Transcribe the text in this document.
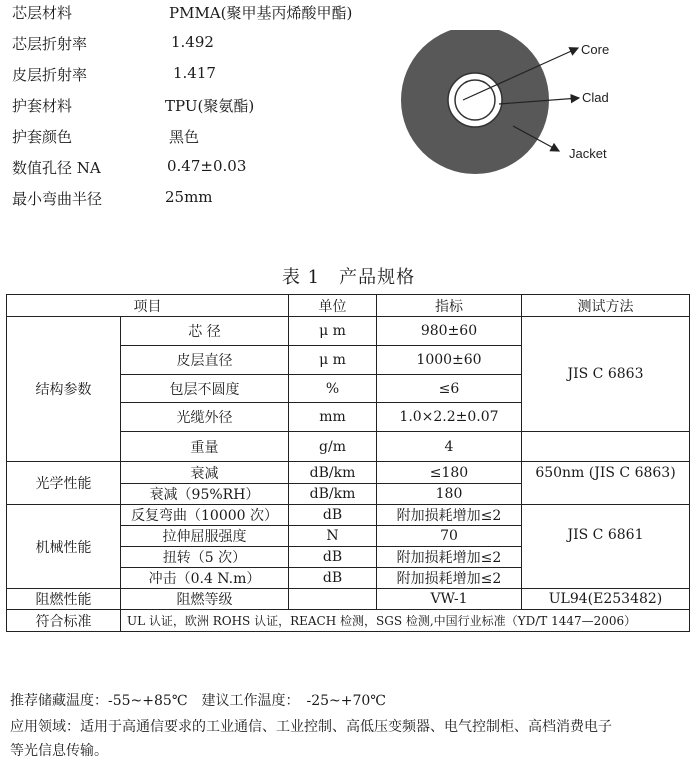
芯层材料	PMMA(聚甲基丙烯酸甲酯)
芯层折射率	1.492
皮层折射率	1.417
护套材料	TPU(聚氨酯)
护套颜色	黑色
数值孔径 NA	0.47±0.03
最小弯曲半径	25mm
Core
Clad
Jacket
表 1　产品规格
项目		单位	指标	测试方法
结构参数	芯 径	μ m	980±60	JIS C 6863
	皮层直径	μ m	1000±60	
	包层不圆度	%	≤6	
	光缆外径	mm	1.0×2.2±0.07	
	重量	g/m	4	
光学性能	衰减	dB/km	≤180	650nm (JIS C 6863)
	衰减（95%RH）	dB/km	180	
机械性能	反复弯曲（10000 次）	dB	附加损耗增加≤2	JIS C 6861
	拉伸屈服强度	N	70	
	扭转（5 次）	dB	附加损耗增加≤2	
	冲击（0.4 N.m）	dB	附加损耗增加≤2	
阻燃性能	阻燃等级		VW-1	UL94(E253482)
符合标准	UL 认证，欧洲 ROHS 认证，REACH 检测，SGS 检测,中国行业标准（YD/T 1447—2006）			
推荐储藏温度：-55~+85℃　建议工作温度：　-25~+70℃
应用领域：适用于高通信要求的工业通信、工业控制、高低压变频器、电气控制柜、高档消费电子
等光信息传输。
